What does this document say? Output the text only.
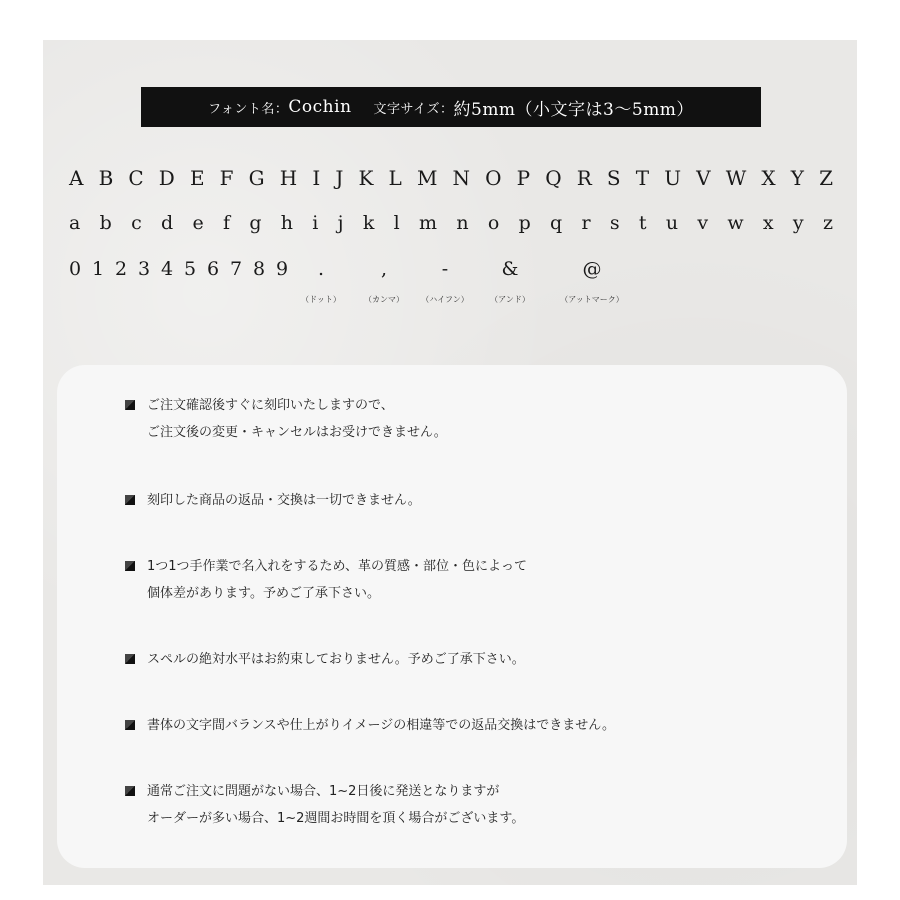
フォント名： Cochin 文字サイズ： 約5mm（小文字は3〜5mm）
A B C D E F G H I J K L M N O P Q R S T U V W X Y Z
a b c d e f g h i j k l m n o p q r s t u v w x y z
0 1 2 3 4 5 6 7 8 9 .	,	-	&	@
（ドット）	（カンマ） （ハイフン）	（アンド）	（アットマーク）
ご注文確認後すぐに刻印いたしますので、
ご注文後の変更・キャンセルはお受けできません。
刻印した商品の返品・交換は一切できません。
1つ1つ手作業で名入れをするため、革の質感・部位・色によって
個体差があります。予めご了承下さい。
スペルの絶対水平はお約束しておりません。予めご了承下さい。
書体の文字間バランスや仕上がりイメージの相違等での返品交換はできません。
通常ご注文に問題がない場合、1~2日後に発送となりますが
オーダーが多い場合、1~2週間お時間を頂く場合がございます。
